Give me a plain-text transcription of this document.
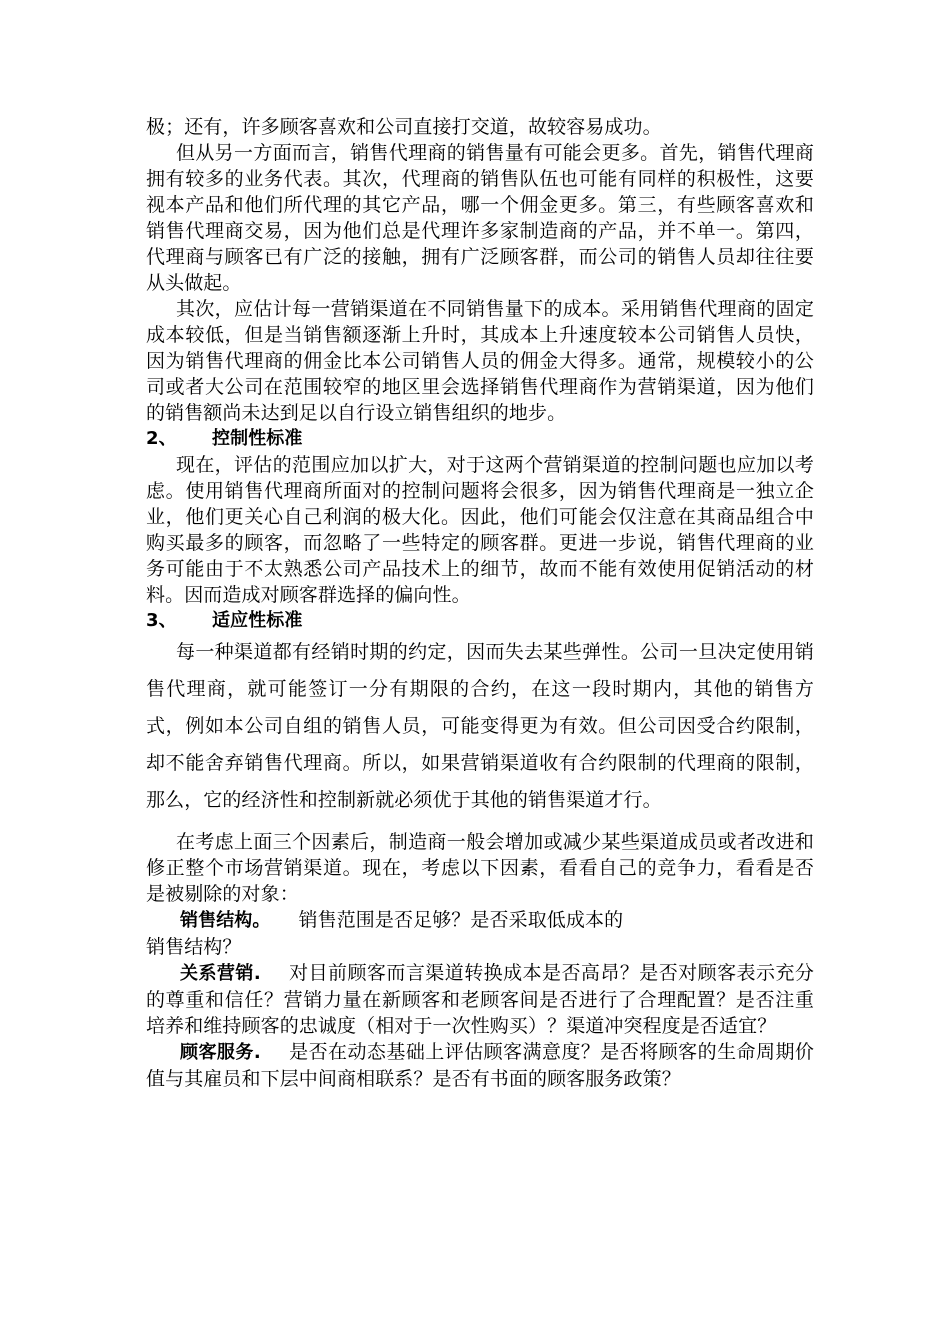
极；还有，许多顾客喜欢和公司直接打交道，故较容易成功。

但从另一方面而言，销售代理商的销售量有可能会更多。首先，销售代理商拥有较多的业务代表。其次，代理商的销售队伍也可能有同样的积极性，这要视本产品和他们所代理的其它产品，哪一个佣金更多。第三，有些顾客喜欢和销售代理商交易，因为他们总是代理许多家制造商的产品，并不单一。第四，代理商与顾客已有广泛的接触，拥有广泛顾客群，而公司的销售人员却往往要从头做起。

其次，应估计每一营销渠道在不同销售量下的成本。采用销售代理商的固定成本较低，但是当销售额逐渐上升时，其成本上升速度较本公司销售人员快，因为销售代理商的佣金比本公司销售人员的佣金大得多。通常，规模较小的公司或者大公司在范围较窄的地区里会选择销售代理商作为营销渠道，因为他们的销售额尚未达到足以自行设立销售组织的地步。

2、 控制性标准

现在，评估的范围应加以扩大，对于这两个营销渠道的控制问题也应加以考虑。使用销售代理商所面对的控制问题将会很多，因为销售代理商是一独立企业，他们更关心自己利润的极大化。因此，他们可能会仅注意在其商品组合中购买最多的顾客，而忽略了一些特定的顾客群。更进一步说，销售代理商的业务可能由于不太熟悉公司产品技术上的细节，故而不能有效使用促销活动的材料。因而造成对顾客群选择的偏向性。

3、 适应性标准

每一种渠道都有经销时期的约定，因而失去某些弹性。公司一旦决定使用销售代理商，就可能签订一分有期限的合约，在这一段时期内，其他的销售方式，例如本公司自组的销售人员，可能变得更为有效。但公司因受合约限制，却不能舍弃销售代理商。所以，如果营销渠道收有合约限制的代理商的限制，那么，它的经济性和控制新就必须优于其他的销售渠道才行。

在考虑上面三个因素后，制造商一般会增加或减少某些渠道成员或者改进和修正整个市场营销渠道。现在，考虑以下因素，看看自己的竞争力，看看是否是被剔除的对象：

销售结构。 销售范围是否足够？是否采取低成本的

销售结构？

关系营销. 对目前顾客而言渠道转换成本是否高昂？是否对顾客表示充分的尊重和信任？营销力量在新顾客和老顾客间是否进行了合理配置？是否注重培养和维持顾客的忠诚度（相对于一次性购买）？渠道冲突程度是否适宜？

顾客服务. 是否在动态基础上评估顾客满意度？是否将顾客的生命周期价值与其雇员和下层中间商相联系？是否有书面的顾客服务政策？
